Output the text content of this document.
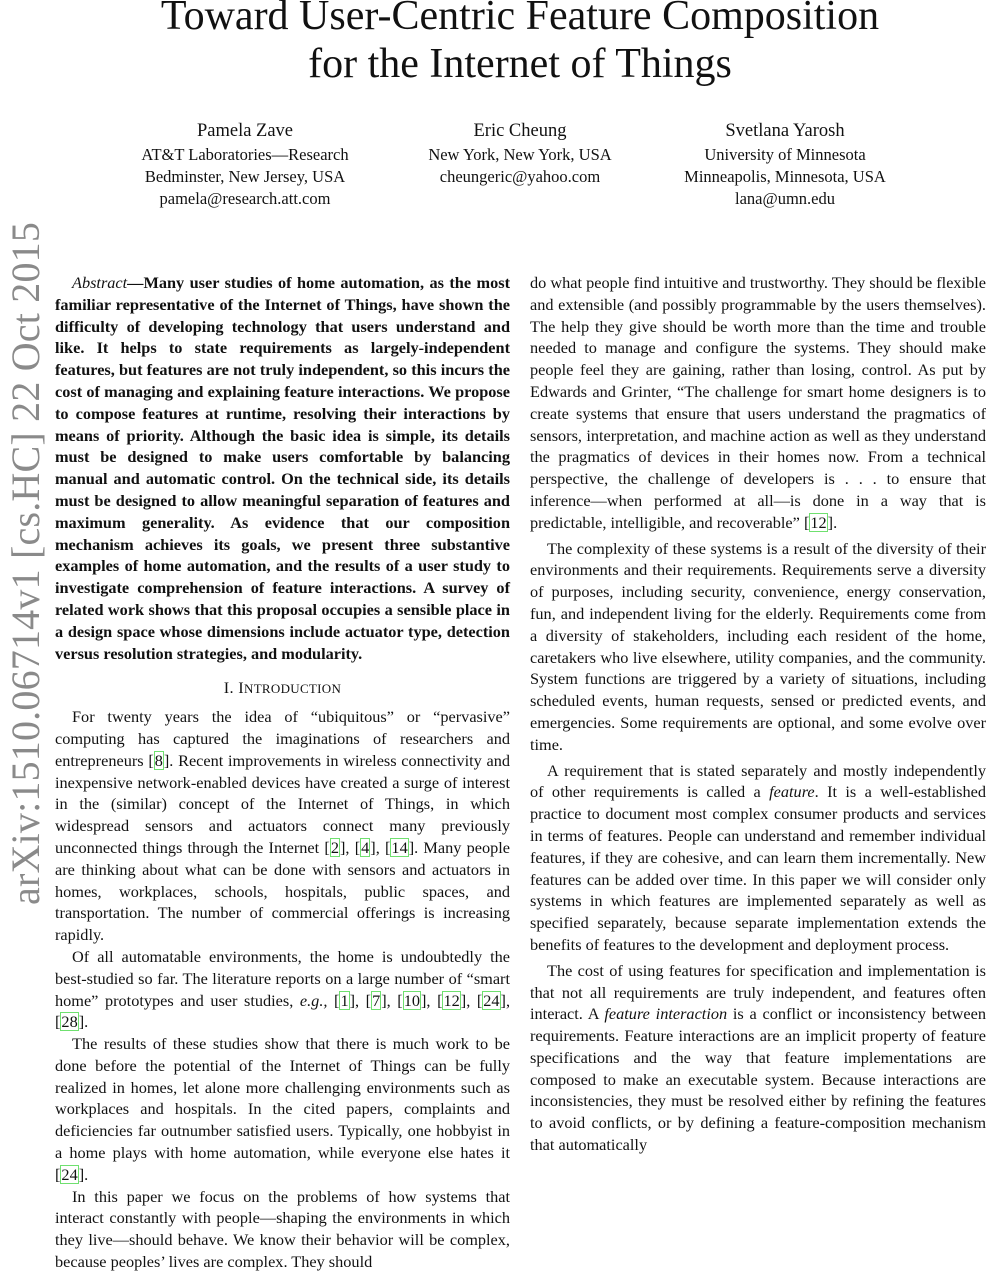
Toward User-Centric Feature Composition
for the Internet of Things
Pamela Zave
AT&T Laboratories—Research
Bedminster, New Jersey, USA
pamela@research.att.com
Eric Cheung
New York, New York, USA
cheungeric@yahoo.com
Svetlana Yarosh
University of Minnesota
Minneapolis, Minnesota, USA
lana@umn.edu
arXiv:1510.06714v1 [cs.HC] 22 Oct 2015	Abstract—Many user studies of home automation, as the most familiar representative of the Internet of Things, have shown the difficulty of developing technology that users understand and like. It helps to state requirements as largely-independent features, but features are not truly independent, so this incurs the cost of managing and explaining feature interactions. We propose to compose features at runtime, resolving their interactions by means of priority. Although the basic idea is simple, its details must be designed to make users comfortable by balancing manual and automatic control. On the technical side, its details must be designed to allow meaningful separation of features and maximum generality. As evidence that our composition mechanism achieves its goals, we present three substantive examples of home automation, and the results of a user study to investigate comprehension of feature interactions. A survey of related work shows that this proposal occupies a sensible place in a design space whose dimensions include actuator type, detection versus resolution strategies, and modularity.

I. INTRODUCTION

For twenty years the idea of “ubiquitous” or “pervasive” computing has captured the imaginations of researchers and entrepreneurs [8]. Recent improvements in wireless connectivity and inexpensive network-enabled devices have created a surge of interest in the (similar) concept of the Internet of Things, in which widespread sensors and actuators connect many previously unconnected things through the Internet [2], [4], [14]. Many people are thinking about what can be done with sensors and actuators in homes, workplaces, schools, hospitals, public spaces, and transportation. The number of commercial offerings is increasing rapidly.

Of all automatable environments, the home is undoubtedly the best-studied so far. The literature reports on a large number of “smart home” prototypes and user studies, e.g., [1], [7], [10], [12], [24], [28].

The results of these studies show that there is much work to be done before the potential of the Internet of Things can be fully realized in homes, let alone more challenging environments such as workplaces and hospitals. In the cited papers, complaints and deficiencies far outnumber satisfied users. Typically, one hobbyist in a home plays with home automation, while everyone else hates it [24].

In this paper we focus on the problems of how systems that interact constantly with people—shaping the environments in which they live—should behave. We know their behavior will be complex, because peoples’ lives are complex. They should

do what people find intuitive and trustworthy. They should be flexible and extensible (and possibly programmable by the users themselves). The help they give should be worth more than the time and trouble needed to manage and configure the systems. They should make people feel they are gaining, rather than losing, control. As put by Edwards and Grinter, “The challenge for smart home designers is to create systems that ensure that users understand the pragmatics of sensors, interpretation, and machine action as well as they understand the pragmatics of devices in their homes now. From a technical perspective, the challenge of developers is . . . to ensure that inference—when performed at all—is done in a way that is predictable, intelligible, and recoverable” [12].

The complexity of these systems is a result of the diversity of their environments and their requirements. Requirements serve a diversity of purposes, including security, convenience, energy conservation, fun, and independent living for the elderly. Requirements come from a diversity of stakeholders, including each resident of the home, caretakers who live elsewhere, utility companies, and the community. System functions are triggered by a variety of situations, including scheduled events, human requests, sensed or predicted events, and emergencies. Some requirements are optional, and some evolve over time.

A requirement that is stated separately and mostly independently of other requirements is called a feature. It is a well-established practice to document most complex consumer products and services in terms of features. People can understand and remember individual features, if they are cohesive, and can learn them incrementally. New features can be added over time. In this paper we will consider only systems in which features are implemented separately as well as specified separately, because separate implementation extends the benefits of features to the development and deployment process.

The cost of using features for specification and implementation is that not all requirements are truly independent, and features often interact. A feature interaction is a conflict or inconsistency between requirements. Feature interactions are an implicit property of feature specifications and the way that feature implementations are composed to make an executable system. Because interactions are inconsistencies, they must be resolved either by refining the features to avoid conflicts, or by defining a feature-composition mechanism that automatically
